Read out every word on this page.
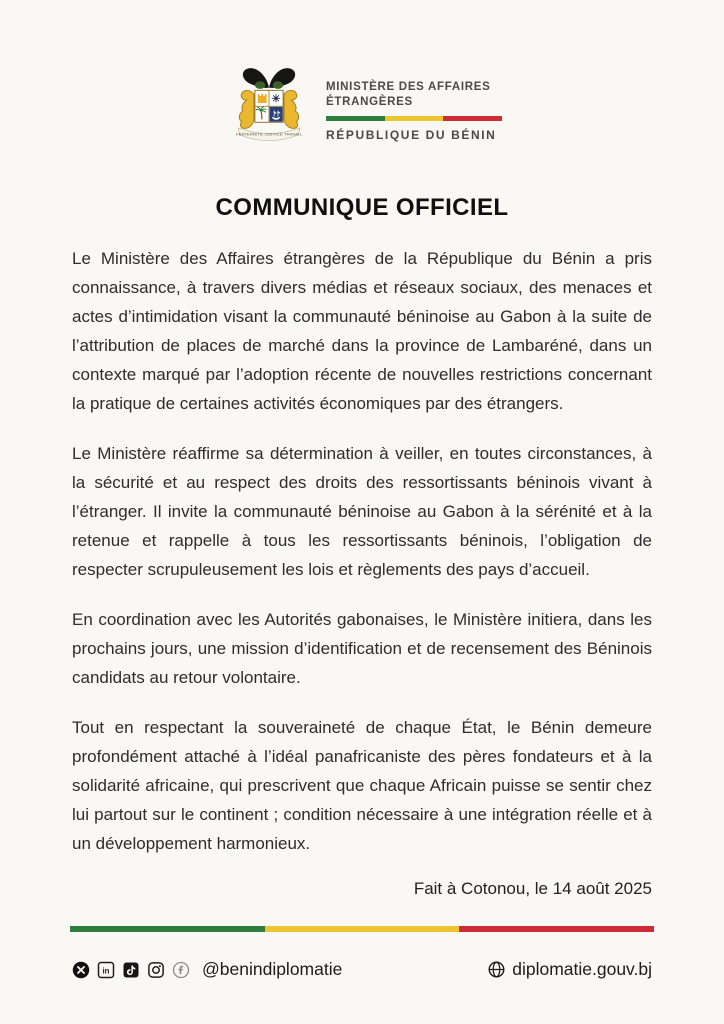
FRATERNITÉ JUSTICE TRAVAIL
MINISTÈRE DES AFFAIRES
ÉTRANGÈRES
RÉPUBLIQUE DU BÉNIN
COMMUNIQUE OFFICIEL

Le Ministère des Affaires étrangères de la République du Bénin a pris connaissance, à travers divers médias et réseaux sociaux, des menaces et actes d’intimidation visant la communauté béninoise au Gabon à la suite de l’attribution de places de marché dans la province de Lambaréné, dans un contexte marqué par l’adoption récente de nouvelles restrictions concernant la pratique de certaines activités économiques par des étrangers.

Le Ministère réaffirme sa détermination à veiller, en toutes circonstances, à la sécurité et au respect des droits des ressortissants béninois vivant à l’étranger. Il invite la communauté béninoise au Gabon à la sérénité et à la retenue et rappelle à tous les ressortissants béninois, l’obligation de respecter scrupuleusement les lois et règlements des pays d’accueil.

En coordination avec les Autorités gabonaises, le Ministère initiera, dans les prochains jours, une mission d’identification et de recensement des Béninois candidats au retour volontaire.

Tout en respectant la souveraineté de chaque État, le Bénin demeure profondément attaché à l’idéal panafricaniste des pères fondateurs et à la solidarité africaine, qui prescrivent que chaque Africain puisse se sentir chez lui partout sur le continent ; condition nécessaire à une intégration réelle et à un développement harmonieux.

Fait à Cotonou, le 14 août 2025
in	@benindiplomatie	diplomatie.gouv.bj
